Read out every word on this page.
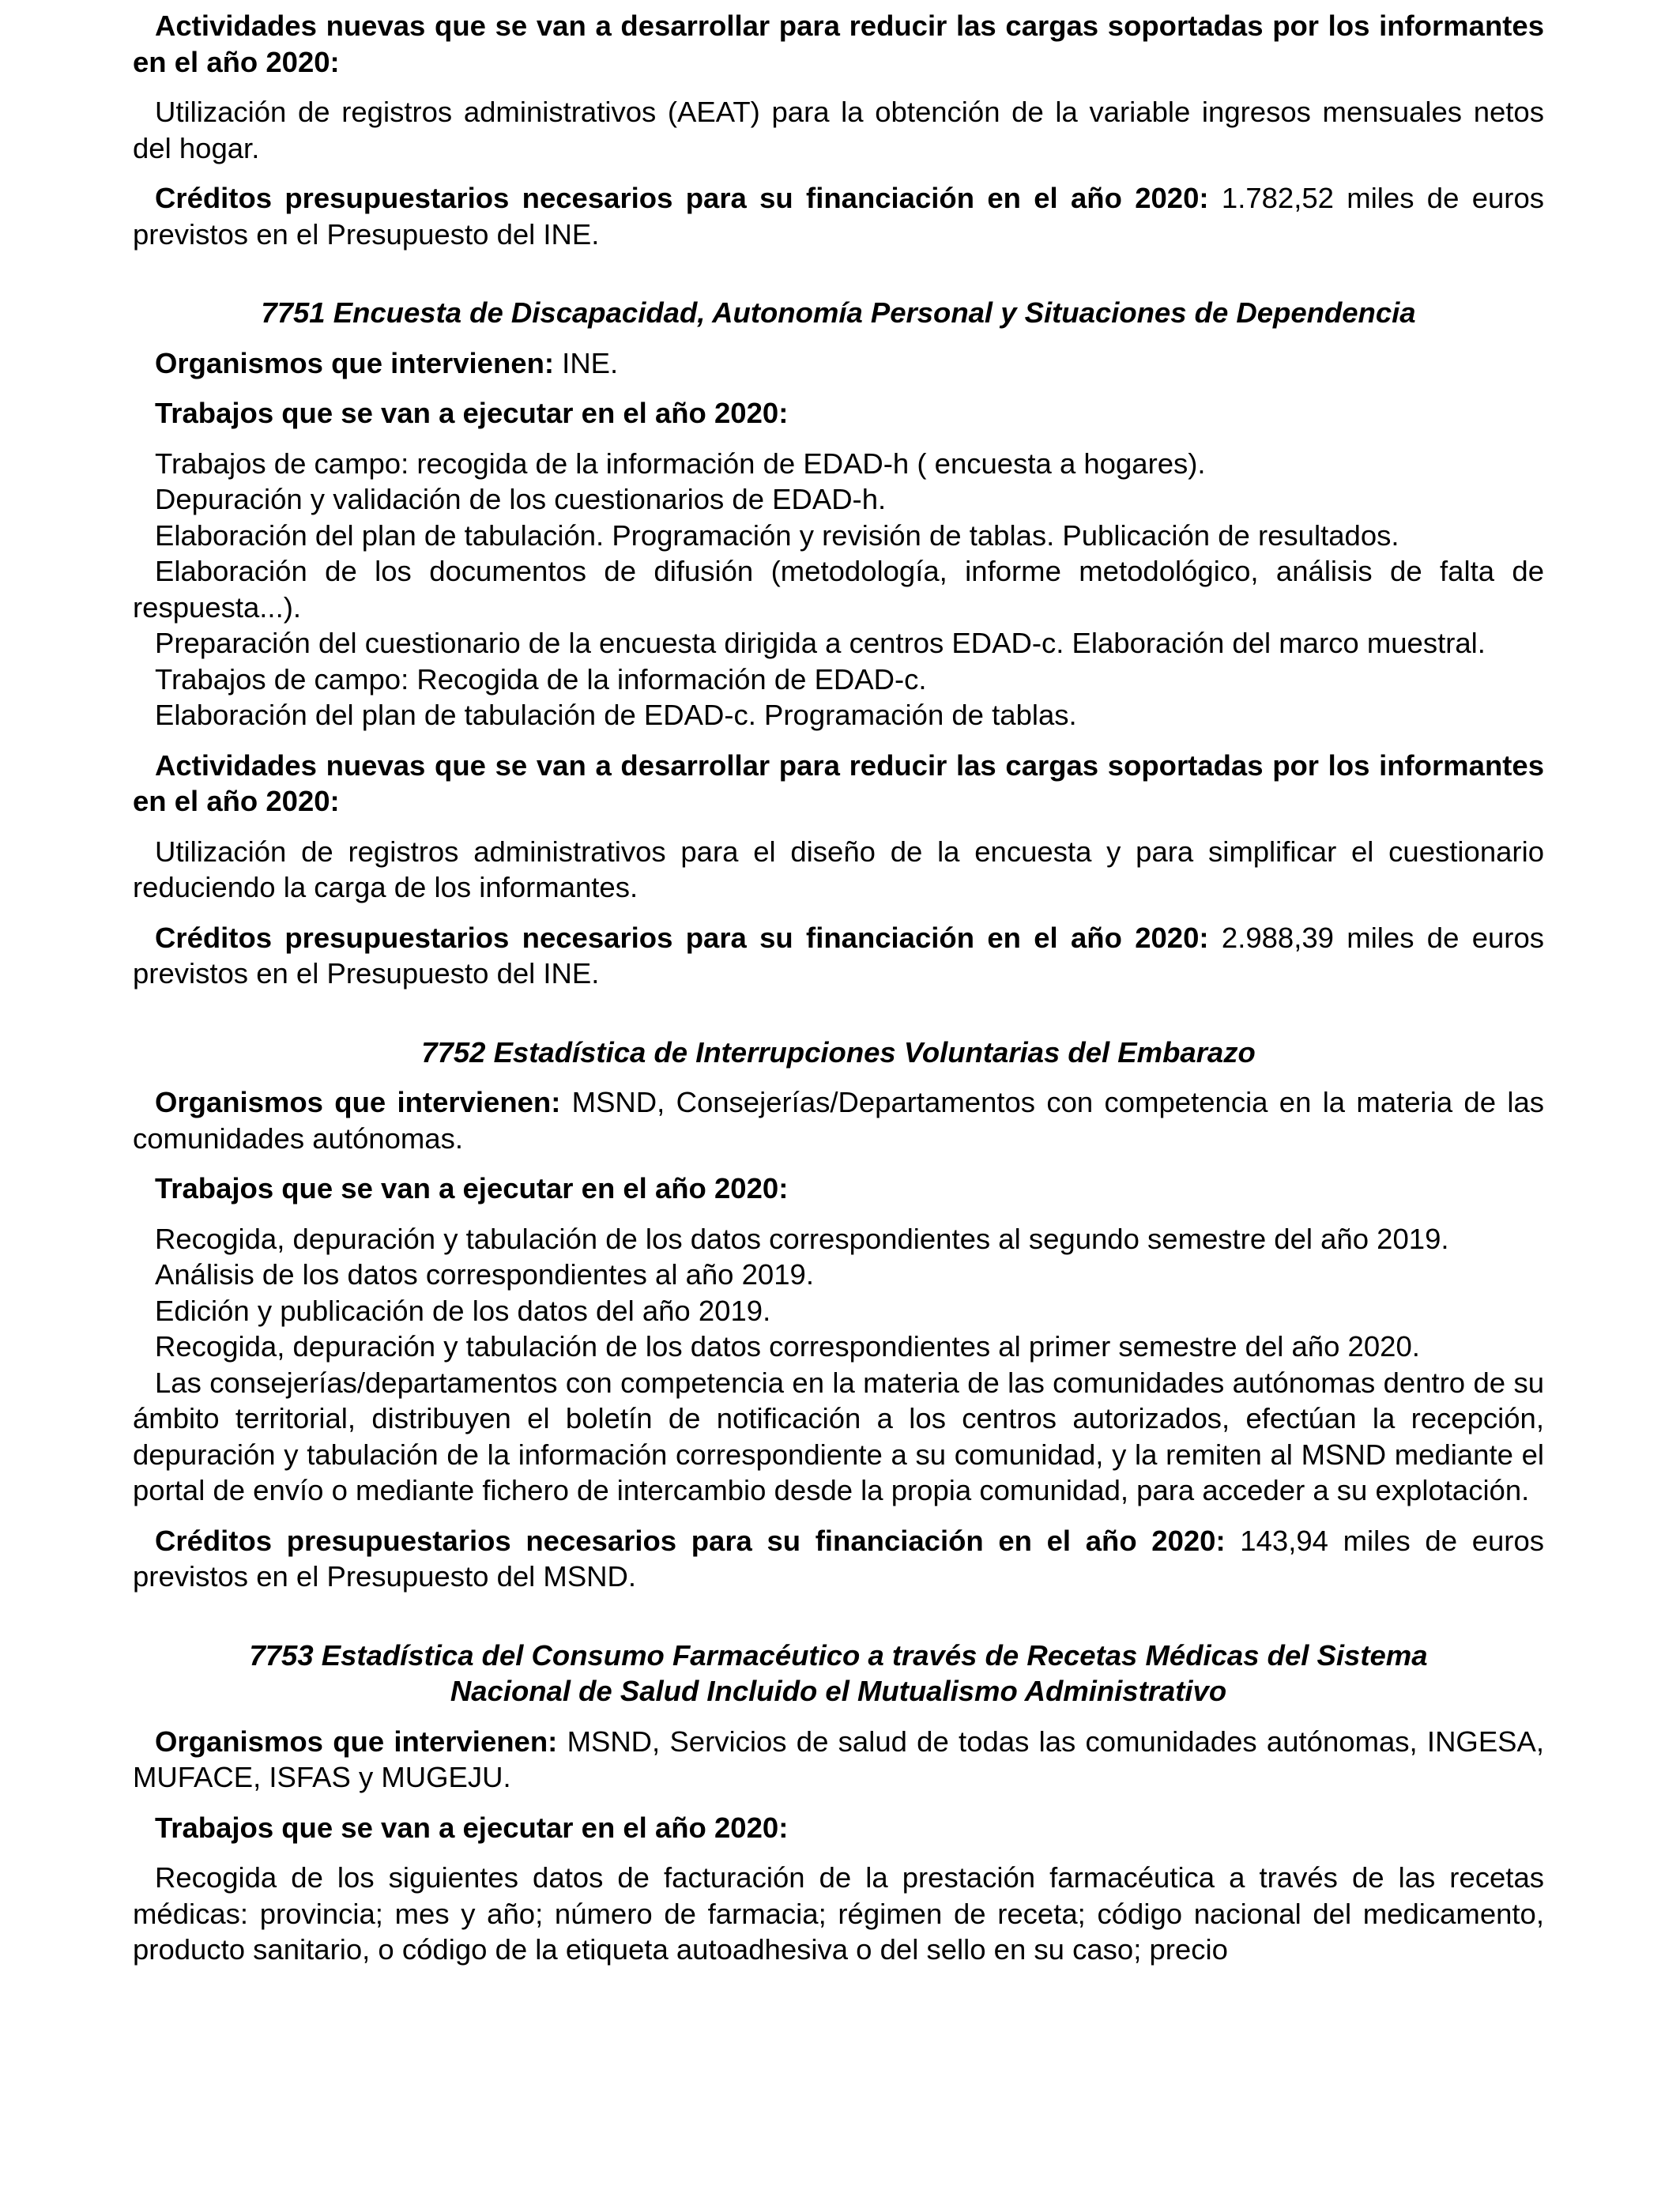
Actividades nuevas que se van a desarrollar para reducir las cargas soportadas por los informantes en el año 2020:

Utilización de registros administrativos (AEAT) para la obtención de la variable ingresos mensuales netos del hogar.

Créditos presupuestarios necesarios para su financiación en el año 2020: 1.782,52 miles de euros previstos en el Presupuesto del INE.

7751 Encuesta de Discapacidad, Autonomía Personal y Situaciones de Dependencia

Organismos que intervienen: INE.

Trabajos que se van a ejecutar en el año 2020:

Trabajos de campo: recogida de la información de EDAD-h ( encuesta a hogares).

Depuración y validación de los cuestionarios de EDAD-h.

Elaboración del plan de tabulación. Programación y revisión de tablas. Publicación de resultados.

Elaboración de los documentos de difusión (metodología, informe metodológico, análisis de falta de respuesta...).

Preparación del cuestionario de la encuesta dirigida a centros EDAD-c. Elaboración del marco muestral.

Trabajos de campo: Recogida de la información de EDAD-c.

Elaboración del plan de tabulación de EDAD-c. Programación de tablas.

Actividades nuevas que se van a desarrollar para reducir las cargas soportadas por los informantes en el año 2020:

Utilización de registros administrativos para el diseño de la encuesta y para simplificar el cuestionario reduciendo la carga de los informantes.

Créditos presupuestarios necesarios para su financiación en el año 2020: 2.988,39 miles de euros previstos en el Presupuesto del INE.

7752 Estadística de Interrupciones Voluntarias del Embarazo

Organismos que intervienen: MSND, Consejerías/Departamentos con competencia en la materia de las comunidades autónomas.

Trabajos que se van a ejecutar en el año 2020:

Recogida, depuración y tabulación de los datos correspondientes al segundo semestre del año 2019.

Análisis de los datos correspondientes al año 2019.

Edición y publicación de los datos del año 2019.

Recogida, depuración y tabulación de los datos correspondientes al primer semestre del año 2020.

Las consejerías/departamentos con competencia en la materia de las comunidades autónomas dentro de su ámbito territorial, distribuyen el boletín de notificación a los centros autorizados, efectúan la recepción, depuración y tabulación de la información correspondiente a su comunidad, y la remiten al MSND mediante el portal de envío o mediante fichero de intercambio desde la propia comunidad, para acceder a su explotación.

Créditos presupuestarios necesarios para su financiación en el año 2020: 143,94 miles de euros previstos en el Presupuesto del MSND.

7753 Estadística del Consumo Farmacéutico a través de Recetas Médicas del Sistema
Nacional de Salud Incluido el Mutualismo Administrativo

Organismos que intervienen: MSND, Servicios de salud de todas las comunidades autónomas, INGESA, MUFACE, ISFAS y MUGEJU.

Trabajos que se van a ejecutar en el año 2020:

Recogida de los siguientes datos de facturación de la prestación farmacéutica a través de las recetas médicas: provincia; mes y año; número de farmacia; régimen de receta; código nacional del medicamento, producto sanitario, o código de la etiqueta autoadhesiva o del sello en su caso; precio
